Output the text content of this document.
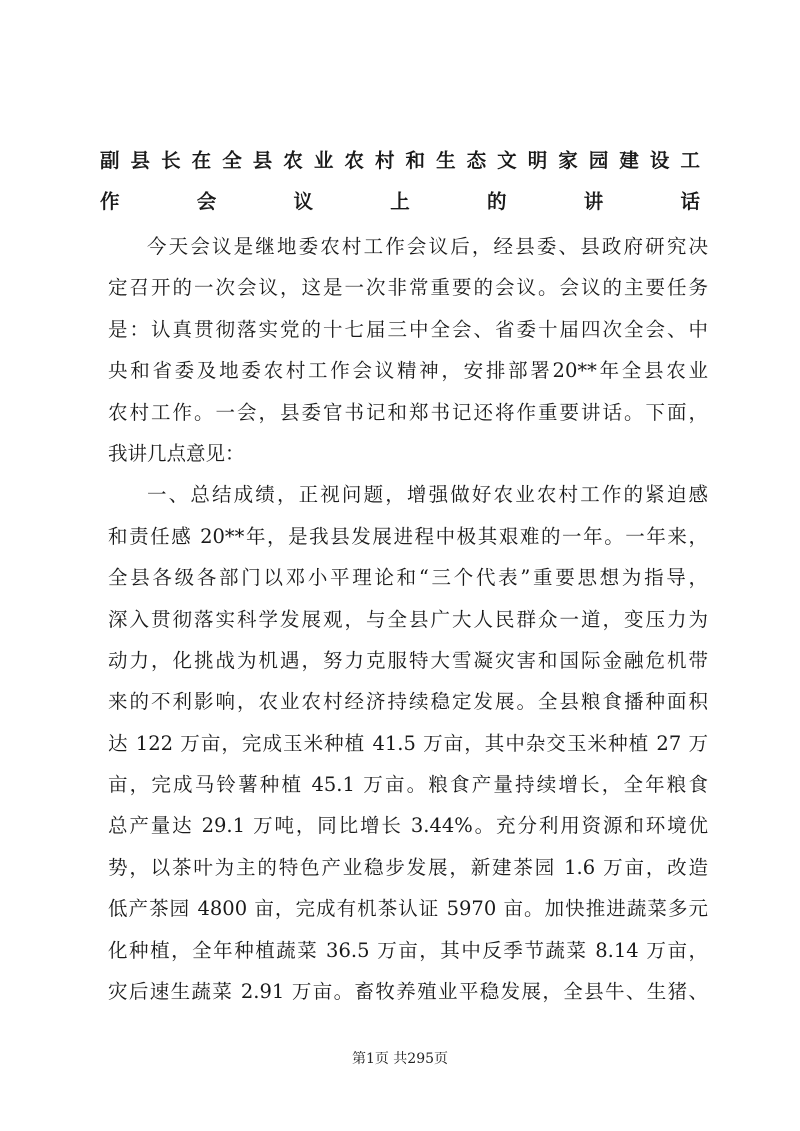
副县长在全县农业农村和生态文明家园建设工
作会议上的讲话
今天会议是继地委农村工作会议后，经县委、县政府研究决
定召开的一次会议，这是一次非常重要的会议。会议的主要任务
是：认真贯彻落实党的十七届三中全会、省委十届四次全会、中
央和省委及地委农村工作会议精神，安排部署20**年全县农业
农村工作。一会，县委官书记和郑书记还将作重要讲话。下面，
我讲几点意见：
一、总结成绩，正视问题，增强做好农业农村工作的紧迫感
和责任感 20**年，是我县发展进程中极其艰难的一年。一年来，
全县各级各部门以邓小平理论和“三个代表”重要思想为指导，
深入贯彻落实科学发展观，与全县广大人民群众一道，变压力为
动力，化挑战为机遇，努力克服特大雪凝灾害和国际金融危机带
来的不利影响，农业农村经济持续稳定发展。全县粮食播种面积
达 122 万亩，完成玉米种植 41.5 万亩，其中杂交玉米种植 27 万
亩，完成马铃薯种植 45.1 万亩。粮食产量持续增长，全年粮食
总产量达 29.1 万吨，同比增长 3.44%。充分利用资源和环境优
势，以茶叶为主的特色产业稳步发展，新建茶园 1.6 万亩，改造
低产茶园 4800 亩，完成有机茶认证 5970 亩。加快推进蔬菜多元
化种植，全年种植蔬菜 36.5 万亩，其中反季节蔬菜 8.14 万亩，
灾后速生蔬菜 2.91 万亩。畜牧养殖业平稳发展，全县牛、生猪、
第1页 共295页
